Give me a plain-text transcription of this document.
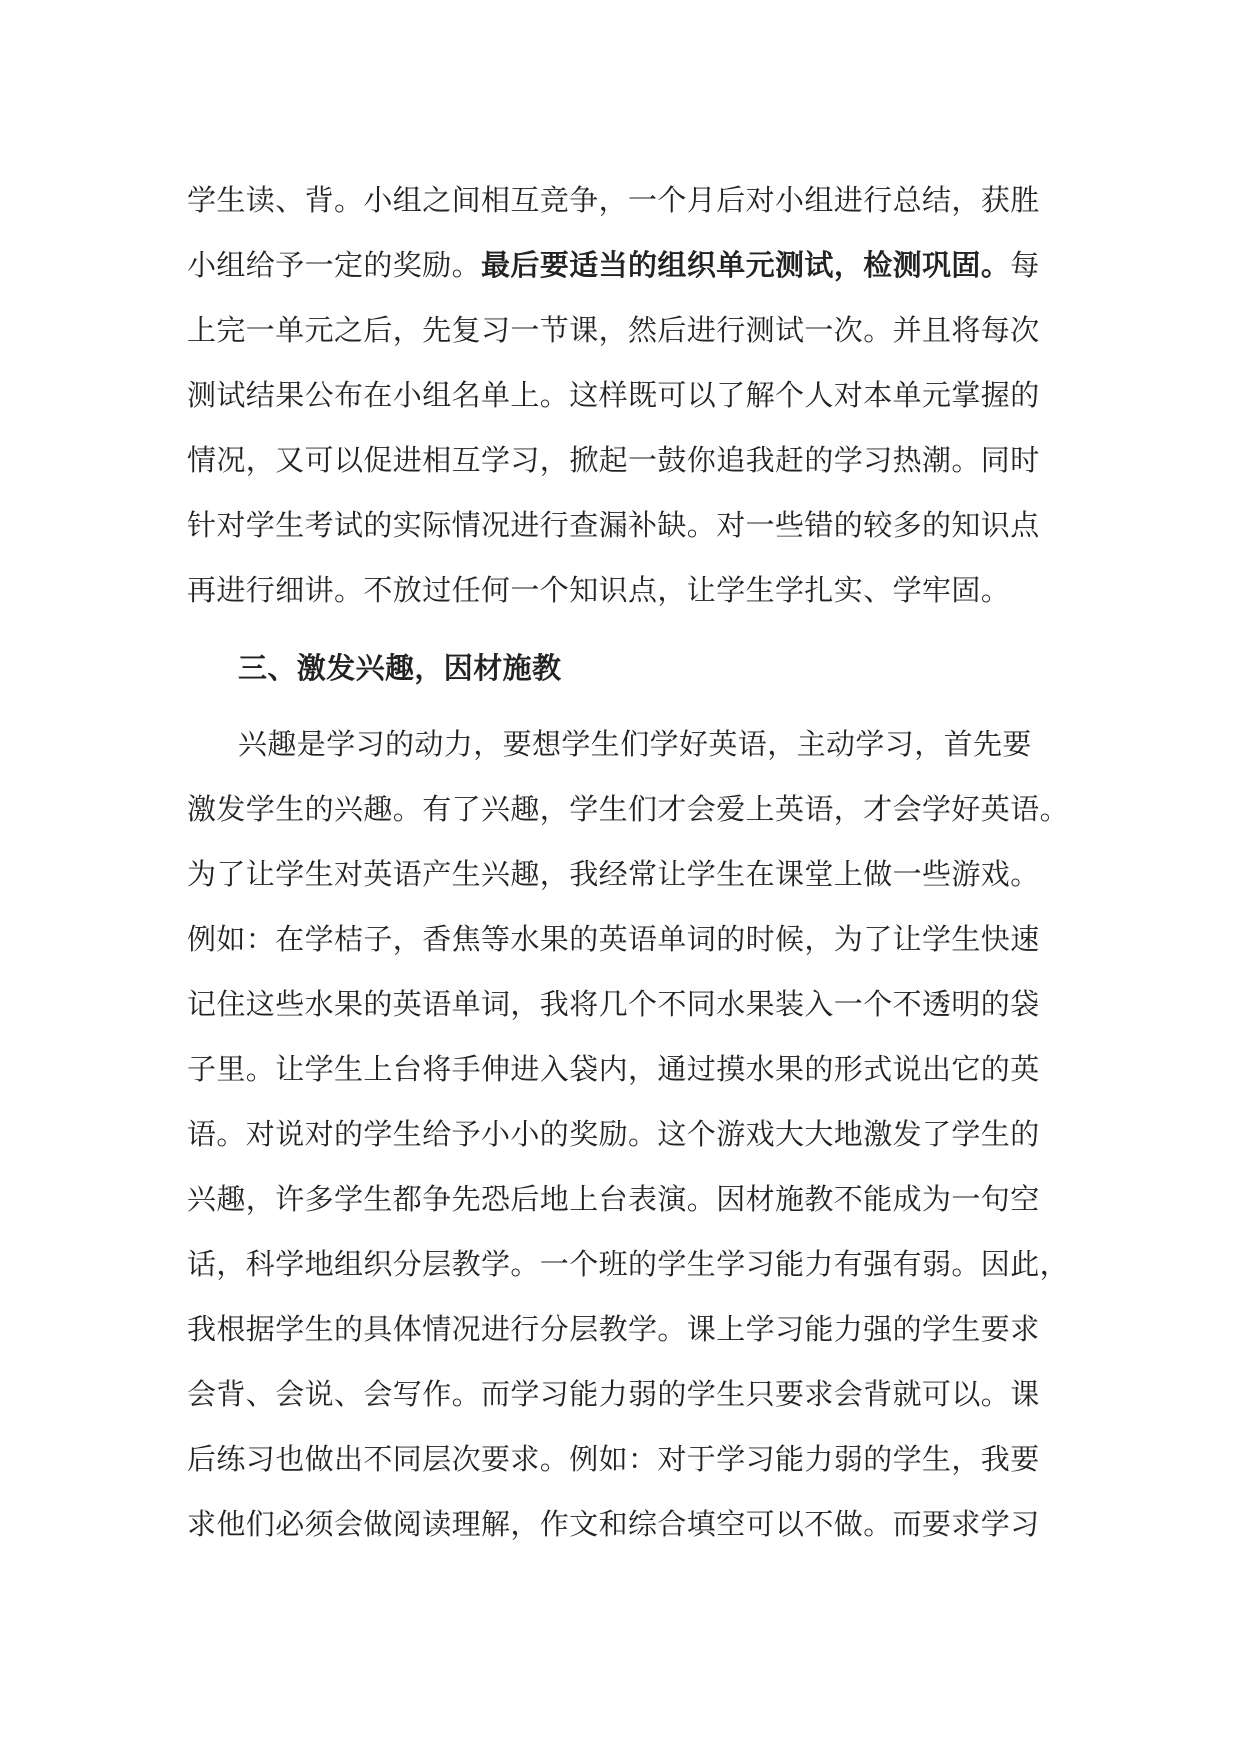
学生读、背。小组之间相互竞争，一个月后对小组进行总结，获胜
小组给予一定的奖励。最后要适当的组织单元测试，检测巩固。每
上完一单元之后，先复习一节课，然后进行测试一次。并且将每次
测试结果公布在小组名单上。这样既可以了解个人对本单元掌握的
情况，又可以促进相互学习，掀起一鼓你追我赶的学习热潮。同时
针对学生考试的实际情况进行查漏补缺。对一些错的较多的知识点
再进行细讲。不放过任何一个知识点，让学生学扎实、学牢固。
三、激发兴趣，因材施教
兴趣是学习的动力，要想学生们学好英语，主动学习，首先要
激发学生的兴趣。有了兴趣，学生们才会爱上英语，才会学好英语。
为了让学生对英语产生兴趣，我经常让学生在课堂上做一些游戏。
例如：在学桔子，香焦等水果的英语单词的时候，为了让学生快速
记住这些水果的英语单词，我将几个不同水果装入一个不透明的袋
子里。让学生上台将手伸进入袋内，通过摸水果的形式说出它的英
语。对说对的学生给予小小的奖励。这个游戏大大地激发了学生的
兴趣，许多学生都争先恐后地上台表演。因材施教不能成为一句空
话，科学地组织分层教学。一个班的学生学习能力有强有弱。因此，
我根据学生的具体情况进行分层教学。课上学习能力强的学生要求
会背、会说、会写作。而学习能力弱的学生只要求会背就可以。课
后练习也做出不同层次要求。例如：对于学习能力弱的学生，我要
求他们必须会做阅读理解，作文和综合填空可以不做。而要求学习
